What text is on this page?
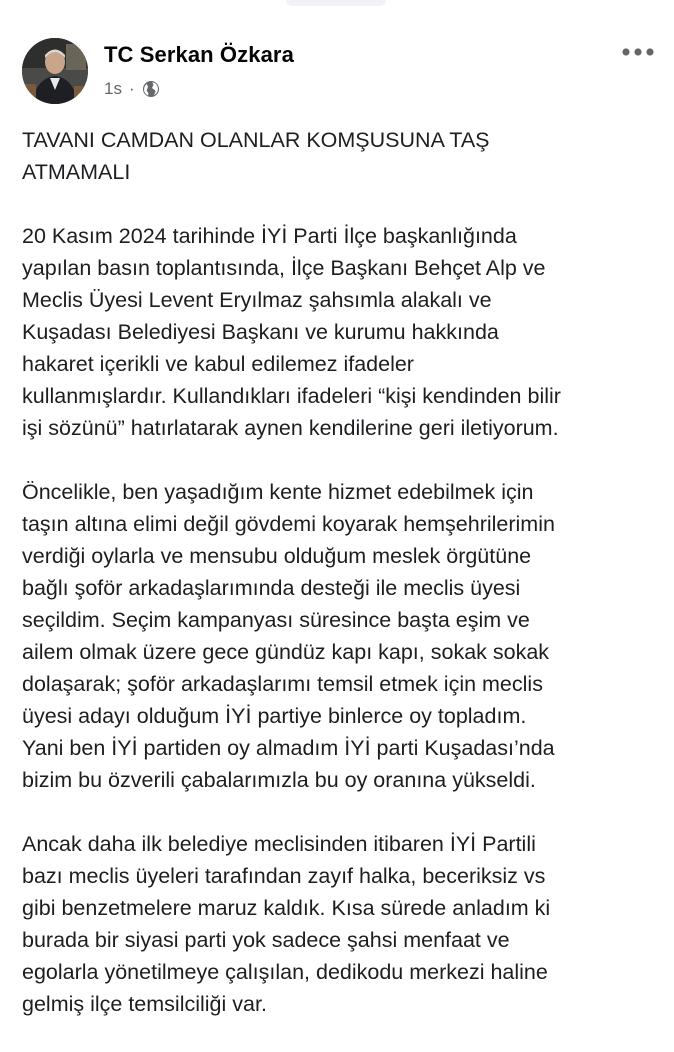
TC Serkan Özkara
1s ·

TAVANI CAMDAN OLANLAR KOMŞUSUNA TAŞ
ATMAMALI

20 Kasım 2024 tarihinde İYİ Parti İlçe başkanlığında
yapılan basın toplantısında, İlçe Başkanı Behçet Alp ve
Meclis Üyesi Levent Eryılmaz şahsımla alakalı ve
Kuşadası Belediyesi Başkanı ve kurumu hakkında
hakaret içerikli ve kabul edilemez ifadeler
kullanmışlardır. Kullandıkları ifadeleri “kişi kendinden bilir
işi sözünü” hatırlatarak aynen kendilerine geri iletiyorum.

Öncelikle, ben yaşadığım kente hizmet edebilmek için
taşın altına elimi değil gövdemi koyarak hemşehrilerimin
verdiği oylarla ve mensubu olduğum meslek örgütüne
bağlı şoför arkadaşlarımında desteği ile meclis üyesi
seçildim. Seçim kampanyası süresince başta eşim ve
ailem olmak üzere gece gündüz kapı kapı, sokak sokak
dolaşarak; şoför arkadaşlarımı temsil etmek için meclis
üyesi adayı olduğum İYİ partiye binlerce oy topladım.
Yani ben İYİ partiden oy almadım İYİ parti Kuşadası’nda
bizim bu özverili çabalarımızla bu oy oranına yükseldi.

Ancak daha ilk belediye meclisinden itibaren İYİ Partili
bazı meclis üyeleri tarafından zayıf halka, beceriksiz vs
gibi benzetmelere maruz kaldık. Kısa sürede anladım ki
burada bir siyasi parti yok sadece şahsi menfaat ve
egolarla yönetilmeye çalışılan, dedikodu merkezi haline
gelmiş ilçe temsilciliği var.
